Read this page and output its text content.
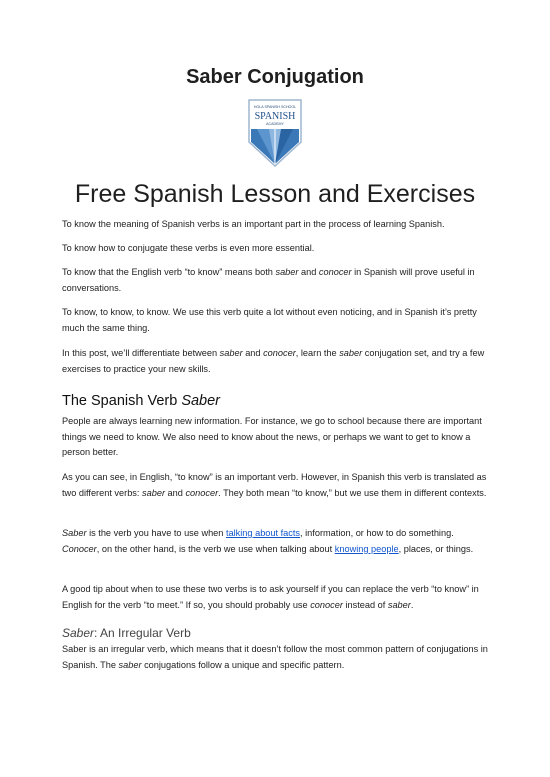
Saber Conjugation
HOLA SPANISH SCHOOL
SPANISH
ACADEMY
Free Spanish Lesson and Exercises

To know the meaning of Spanish verbs is an important part in the process of learning Spanish.

To know how to conjugate these verbs is even more essential.

To know that the English verb “to know” means both saber and conocer in Spanish will prove useful in conversations.

To know, to know, to know. We use this verb quite a lot without even noticing, and in Spanish it’s pretty much the same thing.

In this post, we’ll differentiate between saber and conocer, learn the saber conjugation set, and try a few exercises to practice your new skills.

The Spanish Verb Saber

People are always learning new information. For instance, we go to school because there are important things we need to know. We also need to know about the news, or perhaps we want to get to know a person better.

As you can see, in English, “to know” is an important verb. However, in Spanish this verb is translated as two different verbs: saber and conocer. They both mean “to know,” but we use them in different contexts.

Saber is the verb you have to use when talking about facts, information, or how to do something. Conocer, on the other hand, is the verb we use when talking about knowing people, places, or things.

A good tip about when to use these two verbs is to ask yourself if you can replace the verb “to know” in English for the verb “to meet.” If so, you should probably use conocer instead of saber.

Saber: An Irregular Verb

Saber is an irregular verb, which means that it doesn’t follow the most common pattern of conjugations in Spanish. The saber conjugations follow a unique and specific pattern.
